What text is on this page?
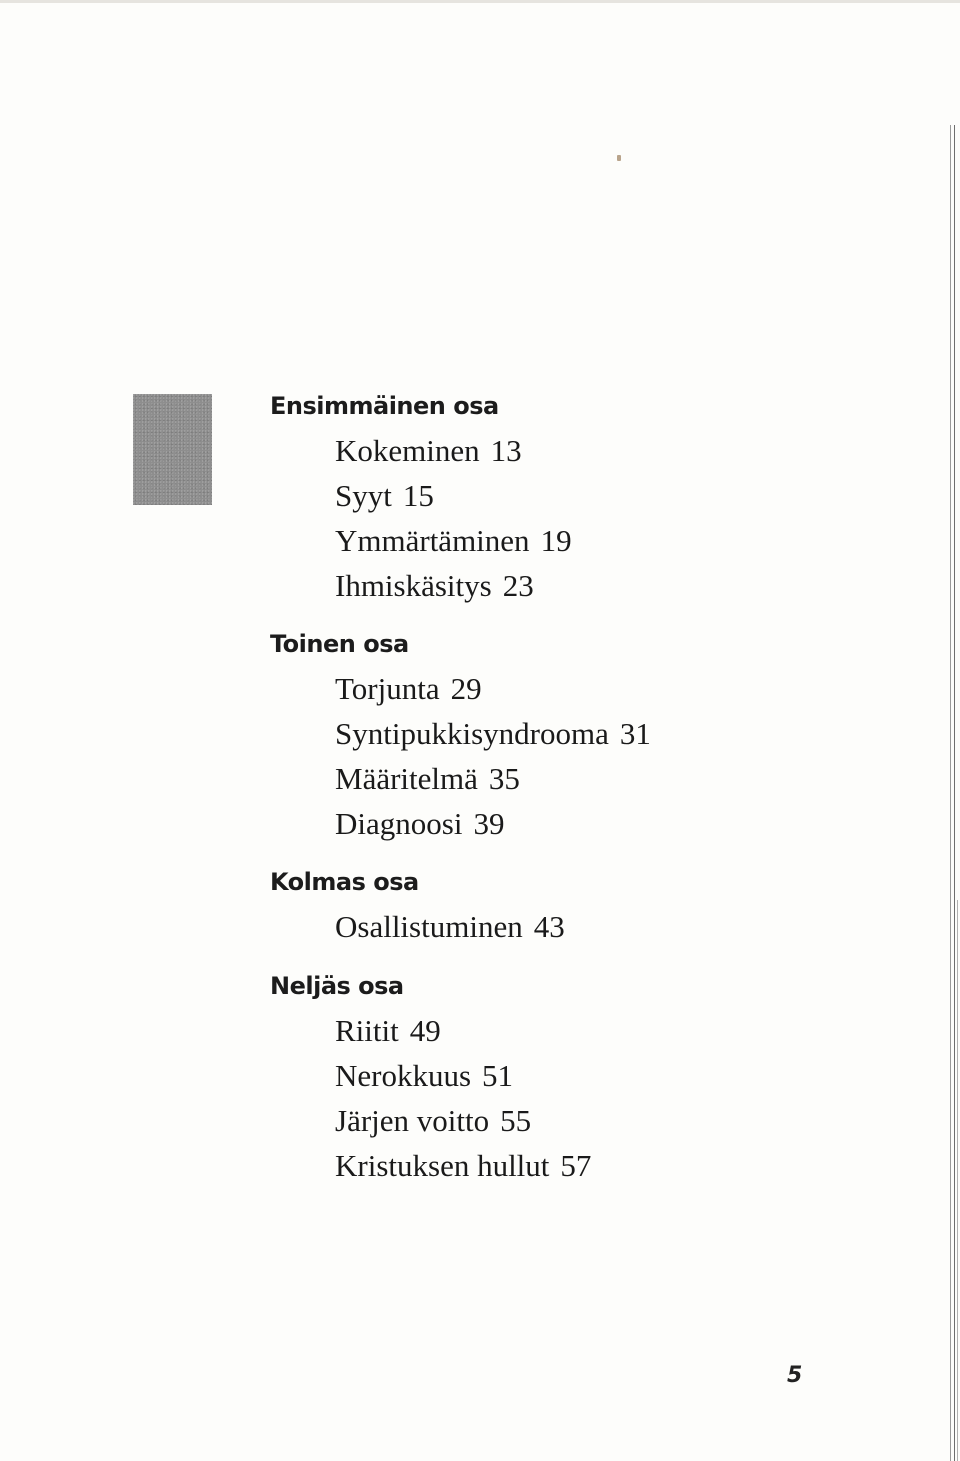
Ensimmäinen osa
Kokeminen 13
Syyt 15
Ymmärtäminen 19
Ihmiskäsitys 23
Toinen osa
Torjunta 29
Syntipukkisyndrooma 31
Määritelmä 35
Diagnoosi 39
Kolmas osa
Osallistuminen 43
Neljäs osa
Riitit 49
Nerokkuus 51
Järjen voitto 55
Kristuksen hullut 57
5
